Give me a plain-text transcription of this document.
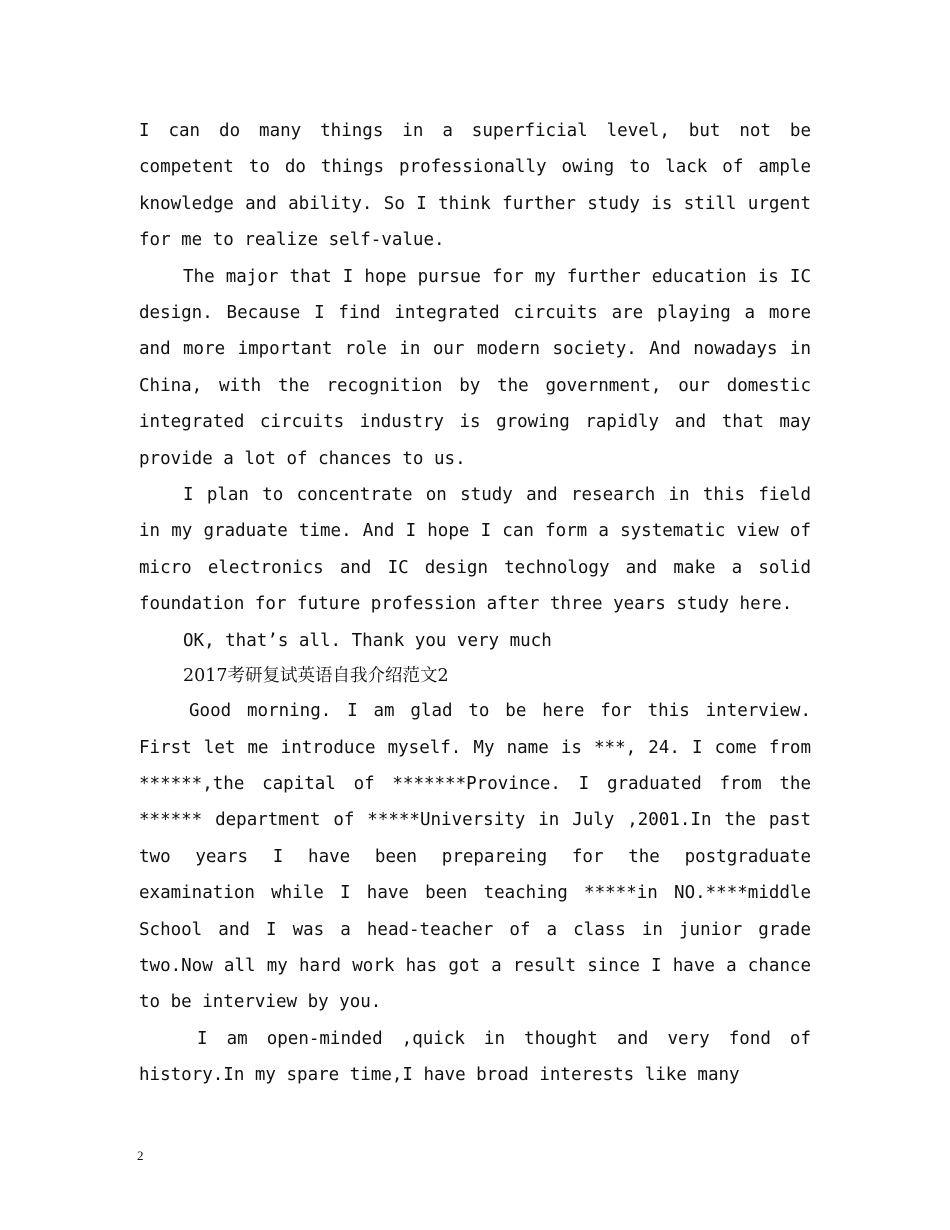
I can do many things in a superficial level, but not be competent to do things professionally owing to lack of ample knowledge and ability. So I think further study is still urgent for me to realize self-value.

The major that I hope pursue for my further education is IC design. Because I find integrated circuits are playing a more and more important role in our modern society. And nowadays in China, with the recognition by the government, our domestic integrated circuits industry is growing rapidly and that may provide a lot of chances to us.

I plan to concentrate on study and research in this field in my graduate time. And I hope I can form a systematic view of micro electronics and IC design technology and make a solid foundation for future profession after three years study here.

OK, that’s all. Thank you very much

2017考研复试英语自我介绍范文2

Good morning. I am glad to be here for this interview. First let me introduce myself. My name is ***, 24. I come from ******,the capital of *******Province. I graduated from the ****** department of *****University in July ,2001.In the past two years I have been prepareing for the postgraduate examination while I have been teaching *****in NO.****middle School and I was a head-teacher of a class in junior grade two.Now all my hard work has got a result since I have a chance to be interview by you.

I am open-minded ,quick in thought and very fond of history.In my spare time,I have broad interests like many

2
